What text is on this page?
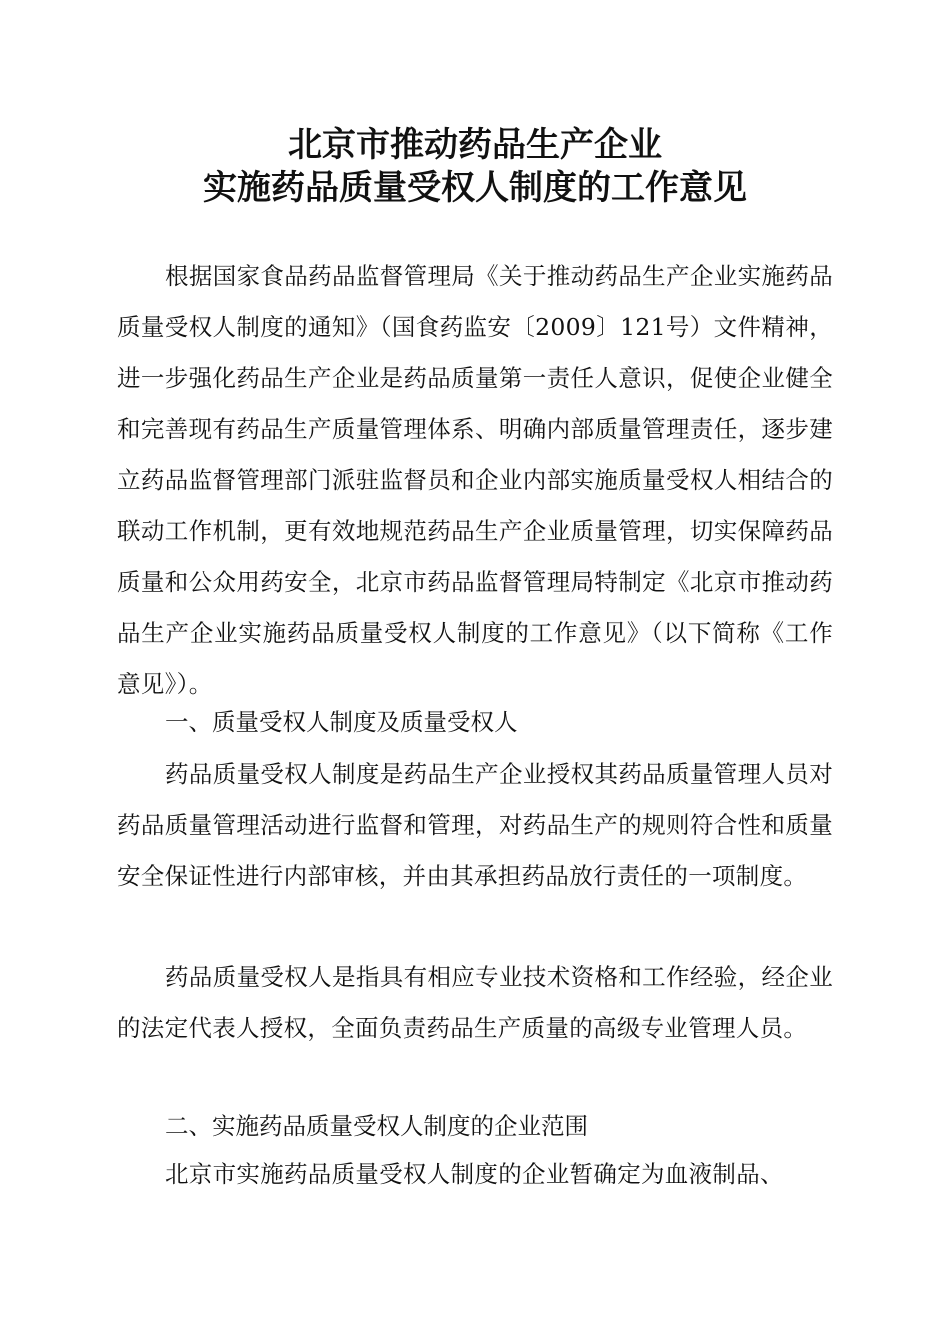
北京市推动药品生产企业
实施药品质量受权人制度的工作意见

根据国家食品药品监督管理局《关于推动药品生产企业实施药品质量受权人制度的通知》（国食药监安〔2009〕121号）文件精神，进一步强化药品生产企业是药品质量第一责任人意识，促使企业健全和完善现有药品生产质量管理体系、明确内部质量管理责任，逐步建立药品监督管理部门派驻监督员和企业内部实施质量受权人相结合的联动工作机制，更有效地规范药品生产企业质量管理，切实保障药品质量和公众用药安全，北京市药品监督管理局特制定《北京市推动药品生产企业实施药品质量受权人制度的工作意见》（以下简称《工作意见》）。

一、质量受权人制度及质量受权人

药品质量受权人制度是药品生产企业授权其药品质量管理人员对药品质量管理活动进行监督和管理，对药品生产的规则符合性和质量安全保证性进行内部审核，并由其承担药品放行责任的一项制度。

药品质量受权人是指具有相应专业技术资格和工作经验，经企业的法定代表人授权，全面负责药品生产质量的高级专业管理人员。

二、实施药品质量受权人制度的企业范围

北京市实施药品质量受权人制度的企业暂确定为血液制品、
